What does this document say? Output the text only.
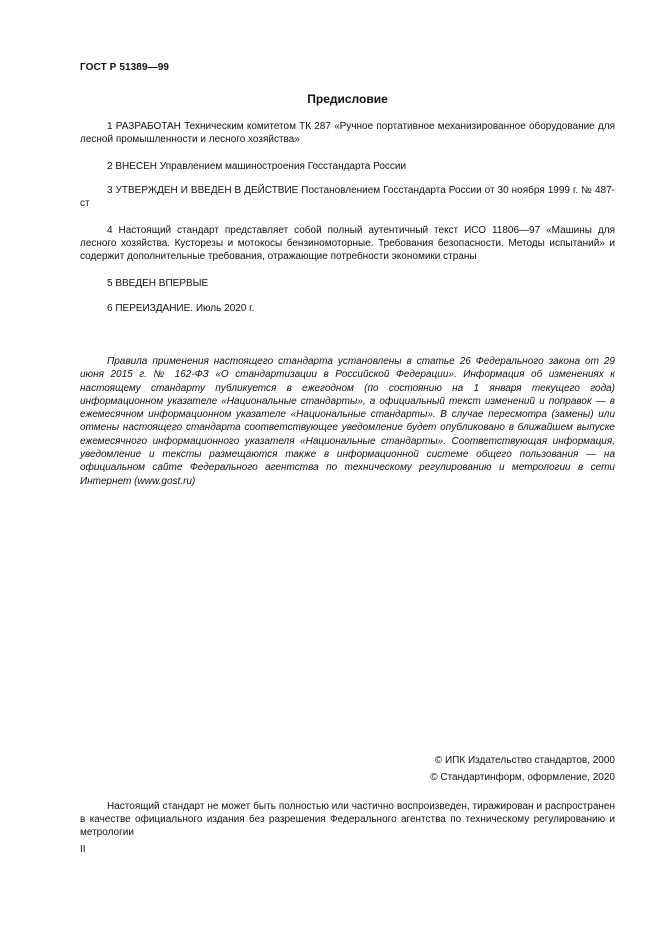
ГОСТ Р 51389—99
Предисловие

1 РАЗРАБОТАН Техническим комитетом ТК 287 «Ручное портативное механизированное оборудование для лесной промышленности и лесного хозяйства»

2 ВНЕСЕН Управлением машиностроения Госстандарта России

3 УТВЕРЖДЕН И ВВЕДЕН В ДЕЙСТВИЕ Постановлением Госстандарта России от 30 ноября 1999 г. № 487-ст

4 Настоящий стандарт представляет собой полный аутентичный текст ИСО 11806—97 «Машины для лесного хозяйства. Кусторезы и мотокосы бензиномоторные. Требования безопасности. Методы испытаний» и содержит дополнительные требования, отражающие потребности экономики страны

5 ВВЕДЕН ВПЕРВЫЕ

6 ПЕРЕИЗДАНИЕ. Июль 2020 г.

Правила применения настоящего стандарта установлены в статье 26 Федерального закона от 29 июня 2015 г. № 162-ФЗ «О стандартизации в Российской Федерации». Информация об изменениях к настоящему стандарту публикуется в ежегодном (по состоянию на 1 января текущего года) информационном указателе «Национальные стандарты», а официальный текст изменений и поправок — в ежемесячном информационном указателе «Национальные стандарты». В случае пересмотра (замены) или отмены настоящего стандарта соответствующее уведомление будет опубликовано в ближайшем выпуске ежемесячного информационного указателя «Национальные стандарты». Соответствующая информация, уведомление и тексты размещаются также в информационной системе общего пользования — на официальном сайте Федерального агентства по техническому регулированию и метрологии в сети Интернет (www.gost.ru)

© ИПК Издательство стандартов, 2000
© Стандартинформ, оформление, 2020

Настоящий стандарт не может быть полностью или частично воспроизведен, тиражирован и распространен в качестве официального издания без разрешения Федерального агентства по техническому регулированию и метрологии

II
